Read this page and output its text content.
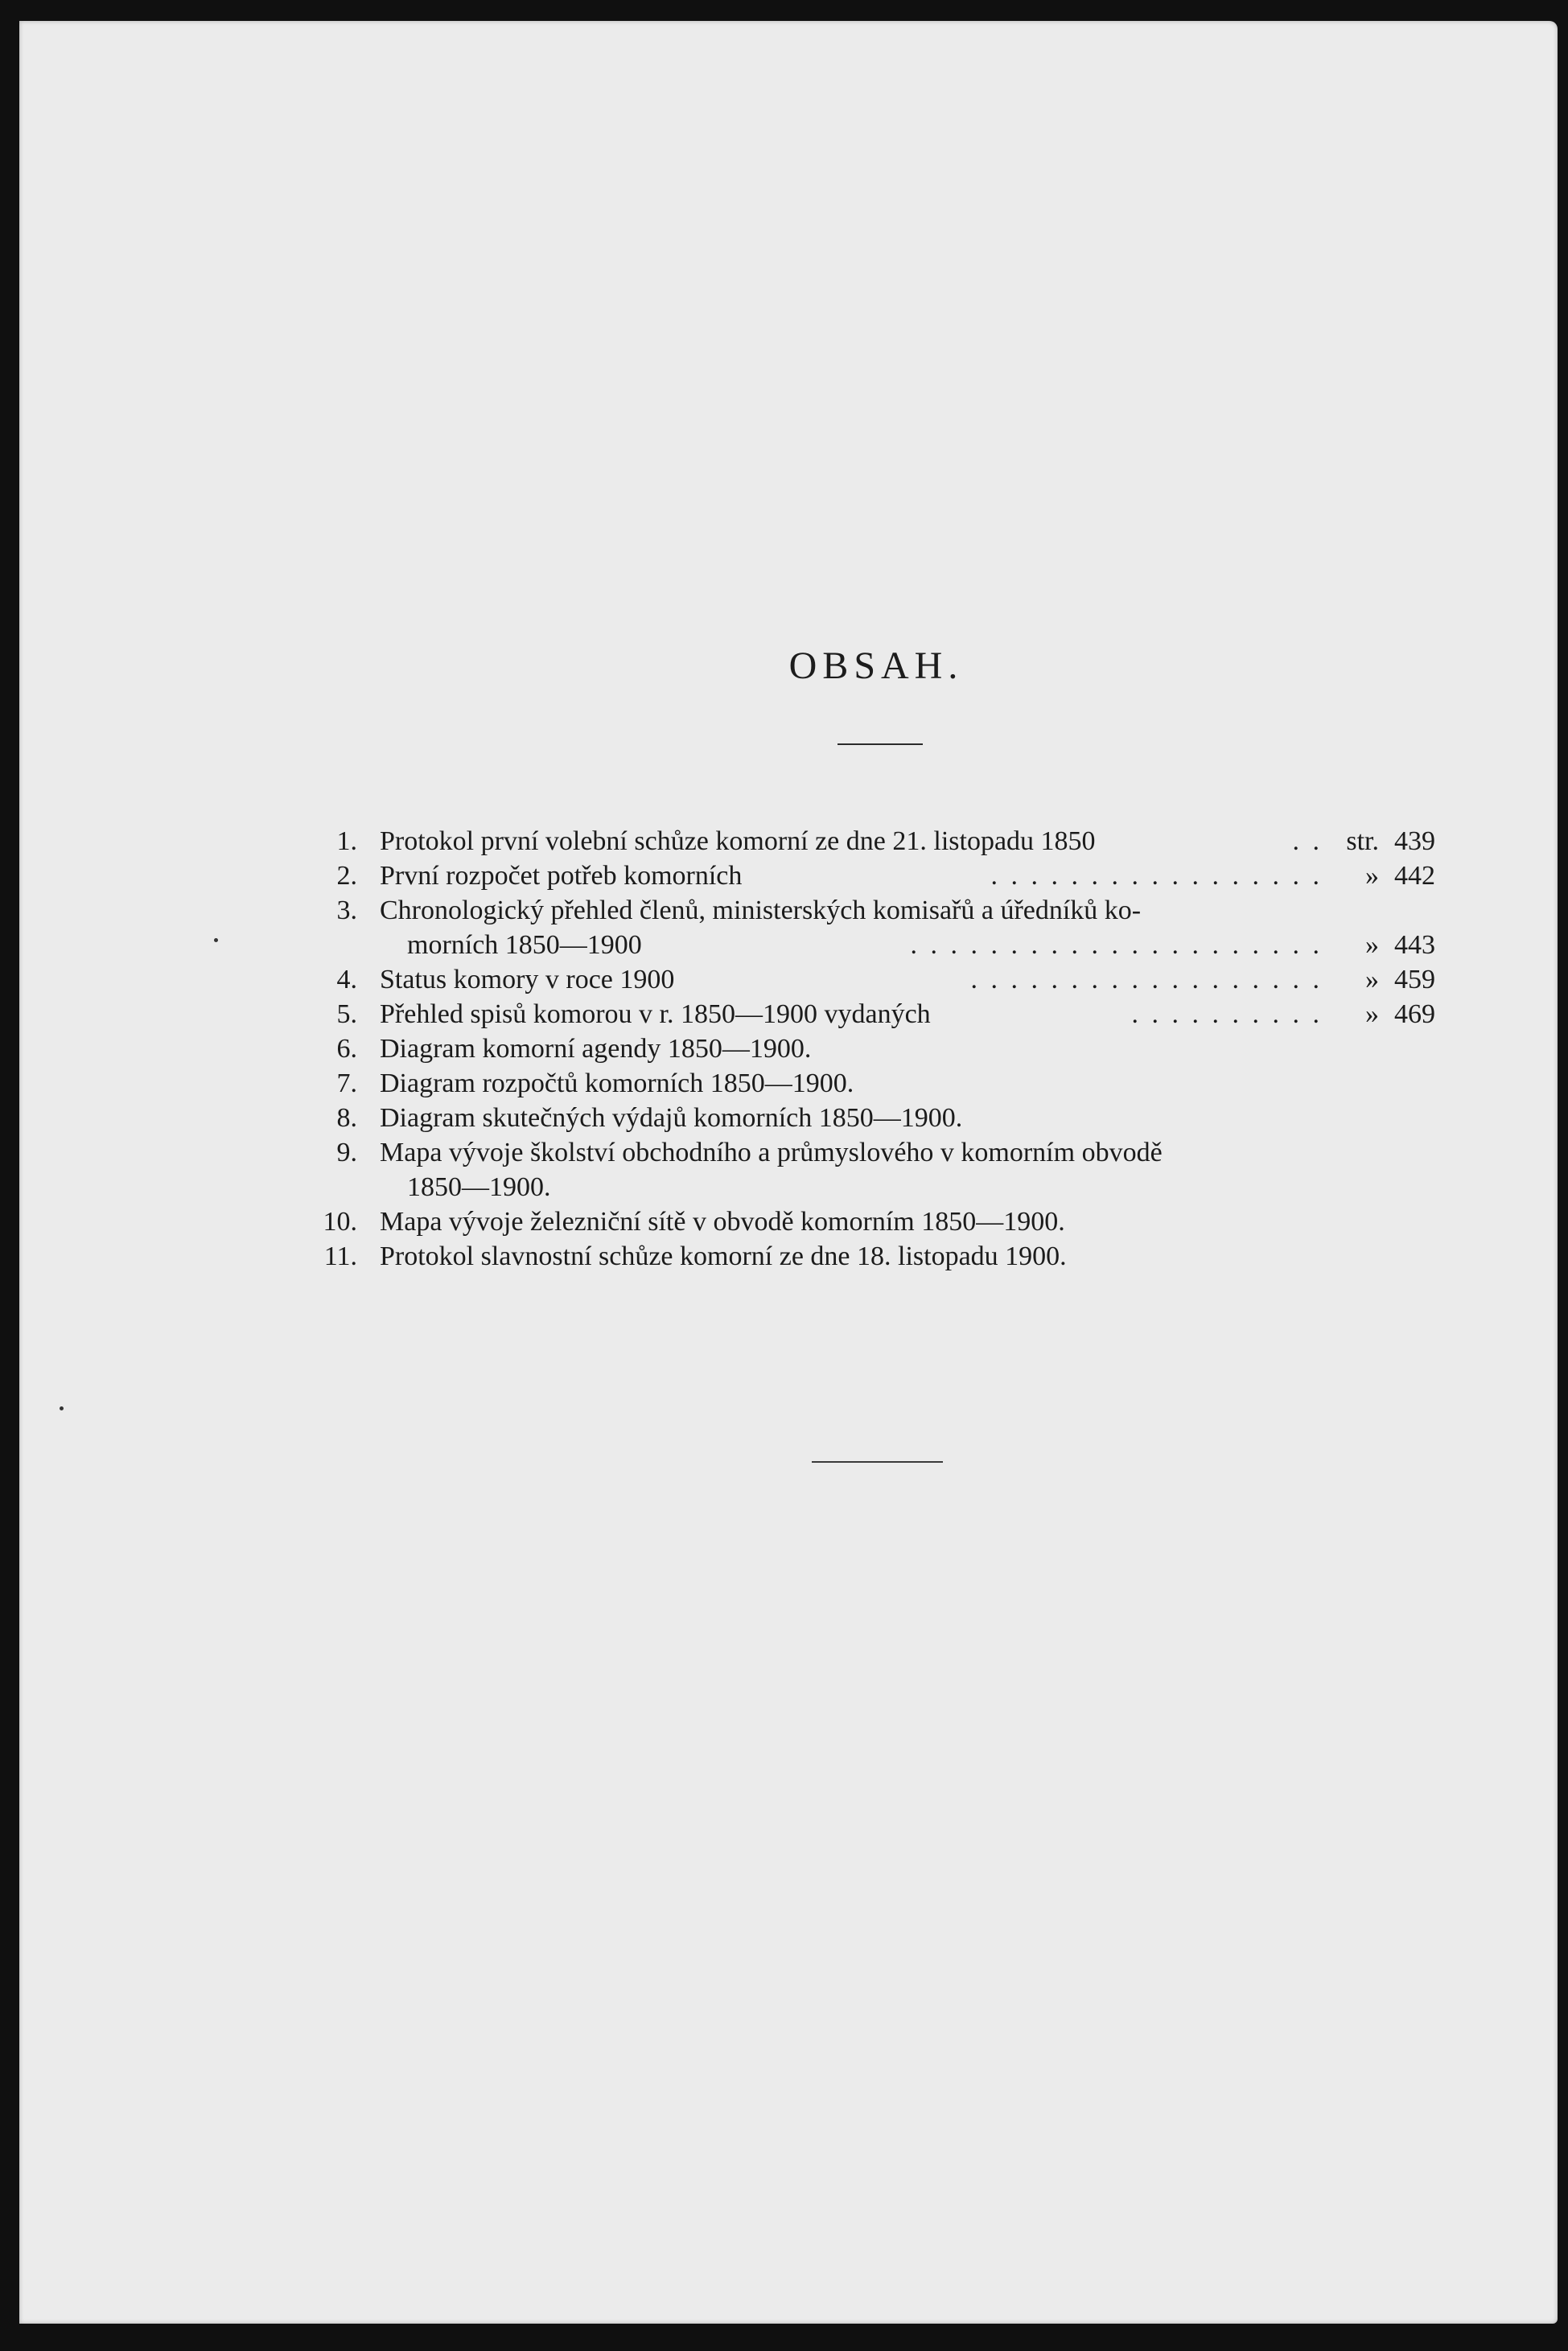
OBSAH.
1. Protokol první volební schůze komorní ze dne 21. listopadu 1850	. . str. 439
2. První rozpočet potřeb komorních	. . . . . . . . . . . . . . . . . » 442
3. Chronologický přehled členů, ministerských komisařů a úředníků ko-
morních 1850—1900	. . . . . . . . . . . . . . . . . . . . . » 443
4. Status komory v roce 1900	. . . . . . . . . . . . . . . . . . » 459
5. Přehled spisů komorou v r. 1850—1900 vydaných	. . . . . . . . . . » 469
6. Diagram komorní agendy 1850—1900.
7. Diagram rozpočtů komorních 1850—1900.
8. Diagram skutečných výdajů komorních 1850—1900.
9. Mapa vývoje školství obchodního a průmyslového v komorním obvodě
1850—1900.
10. Mapa vývoje železniční sítě v obvodě komorním 1850—1900.
11. Protokol slavnostní schůze komorní ze dne 18. listopadu 1900.
